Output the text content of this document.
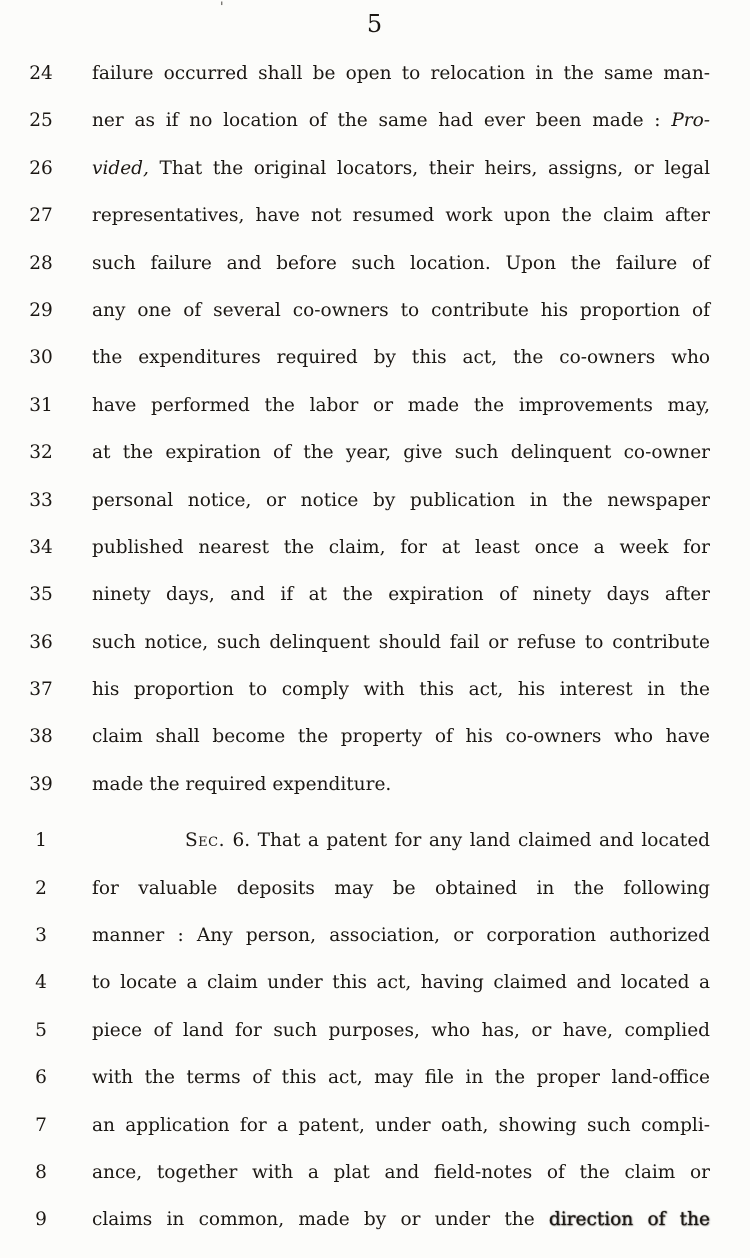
'
5
24 failure occurred shall be open to relocation in the same man-
25 ner as if no location of the same had ever been made : Pro-
26 vided, That the original locators, their heirs, assigns, or legal
27 representatives, have not resumed work upon the claim after
28 such failure and before such location. Upon the failure of
29 any one of several co-owners to contribute his proportion of
30 the expenditures required by this act, the co-owners who
31 have performed the labor or made the improvements may,
32 at the expiration of the year, give such delinquent co-owner
33 personal notice, or notice by publication in the newspaper
34 published nearest the claim, for at least once a week for
35 ninety days, and if at the expiration of ninety days after
36 such notice, such delinquent should fail or refuse to contribute
37 his proportion to comply with this act, his interest in the
38 claim shall become the property of his co-owners who have
39 made the required expenditure.
1	Sec. 6. That a patent for any land claimed and located
2	for valuable deposits may be obtained in the following
3	manner : Any person, association, or corporation authorized
4	to locate a claim under this act, having claimed and located a
5	piece of land for such purposes, who has, or have, complied
6	with the terms of this act, may file in the proper land-office
7	an application for a patent, under oath, showing such compli-
8	ance, together with a plat and field-notes of the claim or
9	claims in common, made by or under the direction of the
